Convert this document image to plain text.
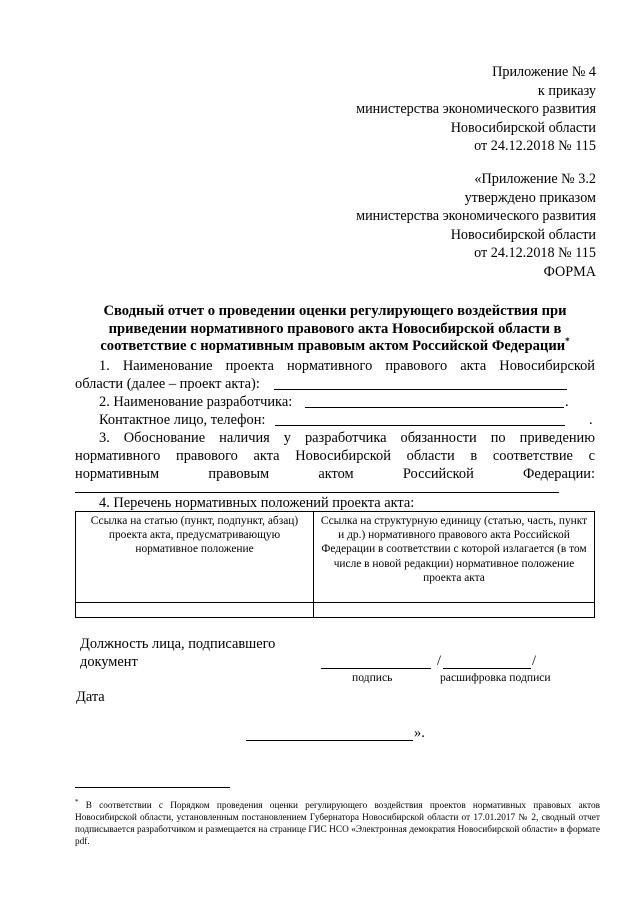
Приложение № 4
к приказу
министерства экономического развития
Новосибирской области
от 24.12.2018 № 115
«Приложение № 3.2
утверждено приказом
министерства экономического развития
Новосибирской области
от 24.12.2018 № 115
ФОРМА
Сводный отчет о проведении оценки регулирующего воздействия при приведении нормативного правового акта Новосибирской области в соответствие с нормативным правовым актом Российской Федерации*
1. Наименование проекта нормативного правового акта Новосибирской
области (далее – проект акта):
2. Наименование разработчика:	.
Контактное лицо, телефон:	.
3. Обоснование наличия у разработчика обязанности по приведению
нормативного правового акта Новосибирской области в соответствие с
нормативным правовым актом Российской Федерации:
4. Перечень нормативных положений проекта акта:
Ссылка на статью (пункт, подпункт, абзац) проекта акта, предусматривающую нормативное положение	Ссылка на структурную единицу (статью, часть, пункт и др.) нормативного правового акта Российской Федерации в соответствии с которой излагается (в том числе в новой редакции) нормативное положение проекта акта

Должность лица, подписавшего
документ	/	/
подпись	расшифровка подписи
Дата
».
* В соответствии с Порядком проведения оценки регулирующего воздействия проектов нормативных правовых актов Новосибирской области, установленным постановлением Губернатора Новосибирской области от 17.01.2017 № 2, сводный отчет подписывается разработчиком и размещается на странице ГИС НСО «Электронная демократия Новосибирской области» в формате pdf.
